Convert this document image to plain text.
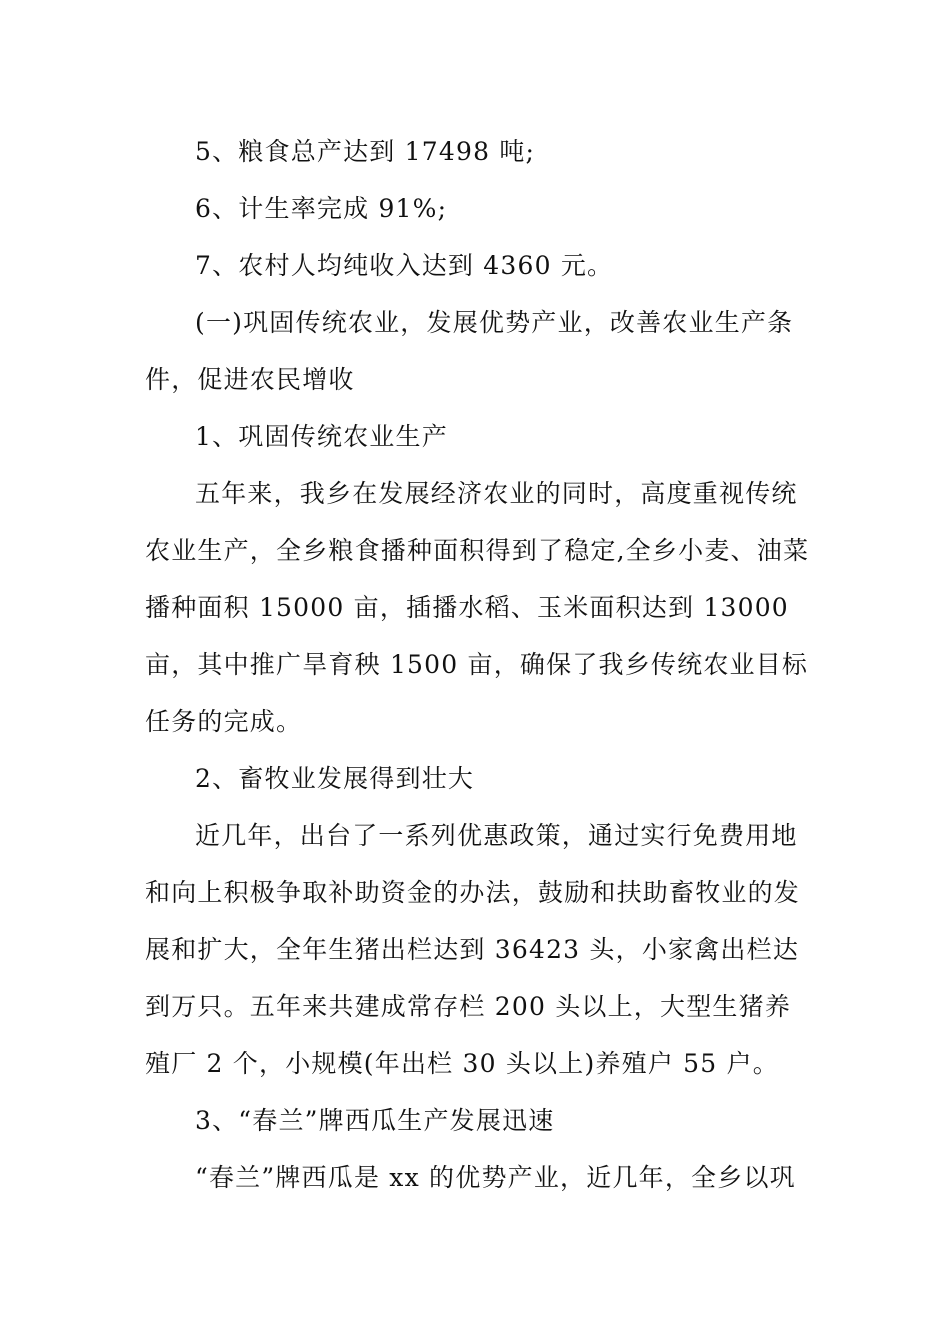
5、粮食总产达到 17498 吨;

6、计生率完成 91%;

7、农村人均纯收入达到 4360 元。

(一)巩固传统农业，发展优势产业，改善农业生产条件，促进农民增收

1、巩固传统农业生产

五年来，我乡在发展经济农业的同时，高度重视传统农业生产，全乡粮食播种面积得到了稳定,全乡小麦、油菜播种面积 15000 亩，插播水稻、玉米面积达到 13000 亩，其中推广旱育秧 1500 亩，确保了我乡传统农业目标任务的完成。

2、畜牧业发展得到壮大

近几年，出台了一系列优惠政策，通过实行免费用地和向上积极争取补助资金的办法，鼓励和扶助畜牧业的发展和扩大，全年生猪出栏达到 36423 头，小家禽出栏达到万只。五年来共建成常存栏 200 头以上，大型生猪养殖厂 2 个，小规模(年出栏 30 头以上)养殖户 55 户。

3、“春兰”牌西瓜生产发展迅速

“春兰”牌西瓜是 xx 的优势产业，近几年，全乡以巩
